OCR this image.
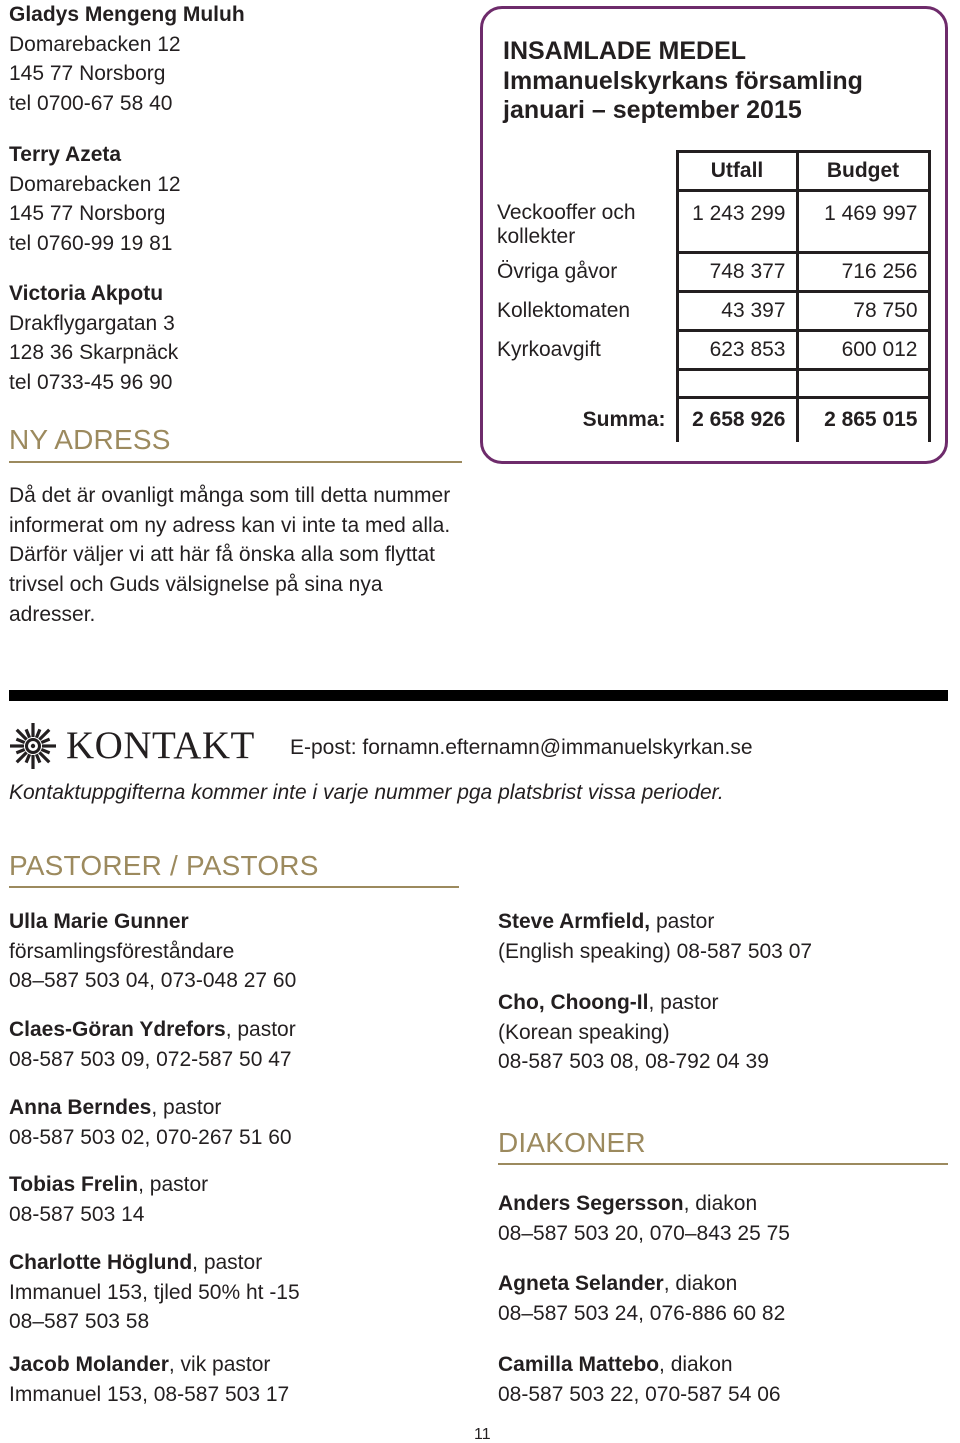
Gladys Mengeng Muluh
Domarebacken 12
145 77 Norsborg
tel 0700-67 58 40
Terry Azeta
Domarebacken 12
145 77 Norsborg
tel 0760-99 19 81
Victoria Akpotu
Drakflygargatan 3
128 36 Skarpnäck
tel 0733-45 96 90
NY ADRESS
Då det är ovanligt många som till detta nummer informerat om ny adress kan vi inte ta med alla. Därför väljer vi att här få önska alla som flyttat trivsel och Guds välsignelse på sina nya adresser.
INSAMLADE MEDEL
Immanuelskyrkans församling
januari – september 2015
	Utfall	Budget
Veckooffer och kollekter	1 243 299	1 469 997
Övriga gåvor	748 377	716 256
Kollektomaten	43 397	78 750
Kyrkoavgift	623 853	600 012

Summa:	2 658 926	2 865 015
KONTAKT E-post: fornamn.efternamn@immanuelskyrkan.se
Kontaktuppgifterna kommer inte i varje nummer pga platsbrist vissa perioder.
PASTORER / PASTORS
Ulla Marie Gunner
församlingsföreståndare
08–587 503 04, 073-048 27 60
Claes-Göran Ydrefors, pastor
08-587 503 09, 072-587 50 47
Anna Berndes, pastor
08-587 503 02, 070-267 51 60
Tobias Frelin, pastor
08-587 503 14
Charlotte Höglund, pastor
Immanuel 153, tjled 50% ht -15
08–587 503 58
Jacob Molander, vik pastor
Immanuel 153, 08-587 503 17
Steve Armfield, pastor
(English speaking) 08-587 503 07
Cho, Choong-Il, pastor
(Korean speaking)
08-587 503 08, 08-792 04 39
DIAKONER
Anders Segersson, diakon
08–587 503 20, 070–843 25 75
Agneta Selander, diakon
08–587 503 24, 076-886 60 82
Camilla Mattebo, diakon
08-587 503 22, 070-587 54 06
11
